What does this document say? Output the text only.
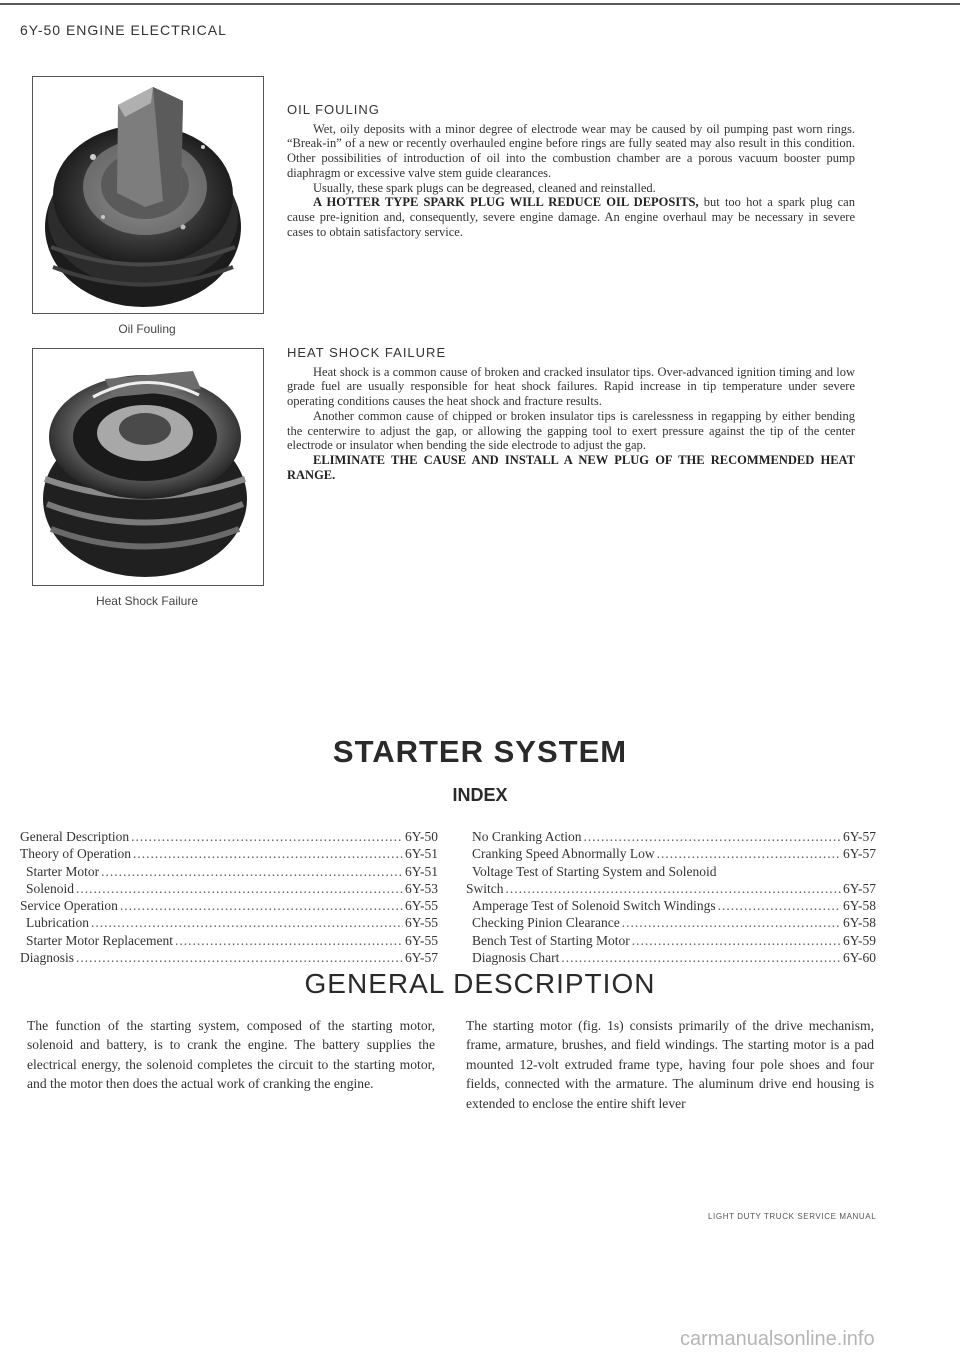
6Y-50 ENGINE ELECTRICAL
Oil Fouling
Heat Shock Failure
OIL FOULING

Wet, oily deposits with a minor degree of electrode wear may be caused by oil pumping past worn rings. “Break-in” of a new or recently overhauled engine before rings are fully seated may also result in this condition. Other possibilities of introduction of oil into the combustion chamber are a porous vacuum booster pump diaphragm or excessive valve stem guide clearances.

Usually, these spark plugs can be degreased, cleaned and reinstalled.

A HOTTER TYPE SPARK PLUG WILL REDUCE OIL DEPOSITS, but too hot a spark plug can cause pre-ignition and, consequently, severe engine damage. An engine overhaul may be necessary in severe cases to obtain satisfactory service.

HEAT SHOCK FAILURE

Heat shock is a common cause of broken and cracked insulator tips. Over-advanced ignition timing and low grade fuel are usually responsible for heat shock failures. Rapid increase in tip temperature under severe operating conditions causes the heat shock and fracture results.

Another common cause of chipped or broken insulator tips is carelessness in regapping by either bending the centerwire to adjust the gap, or allowing the gapping tool to exert pressure against the tip of the center electrode or insulator when bending the side electrode to adjust the gap.

ELIMINATE THE CAUSE AND INSTALL A NEW PLUG OF THE RECOMMENDED HEAT RANGE.

STARTER SYSTEM
INDEX
General Description .....	6Y-50
Theory of Operation .....	6Y-51
Starter Motor .....	6Y-51
Solenoid .....	6Y-53
Service Operation .....	6Y-55
Lubrication .....	6Y-55
Starter Motor Replacement .....	6Y-55
Diagnosis .....	6Y-57
No Cranking Action .....	6Y-57
Cranking Speed Abnormally Low .....	6Y-57
Voltage Test of Starting System and Solenoid
Switch .....	6Y-57
Amperage Test of Solenoid Switch Windings .....	6Y-58
Checking Pinion Clearance .....	6Y-58
Bench Test of Starting Motor .....	6Y-59
Diagnosis Chart .....	6Y-60
GENERAL DESCRIPTION
The function of the starting system, composed of the starting motor, solenoid and battery, is to crank the engine. The battery supplies the electrical energy, the solenoid completes the circuit to the starting motor, and the motor then does the actual work of cranking the engine.
The starting motor (fig. 1s) consists primarily of the drive mechanism, frame, armature, brushes, and field windings. The starting motor is a pad mounted 12-volt extruded frame type, having four pole shoes and four fields, connected with the armature. The aluminum drive end housing is extended to enclose the entire shift lever
LIGHT DUTY TRUCK SERVICE MANUAL
carmanualsonline.info
